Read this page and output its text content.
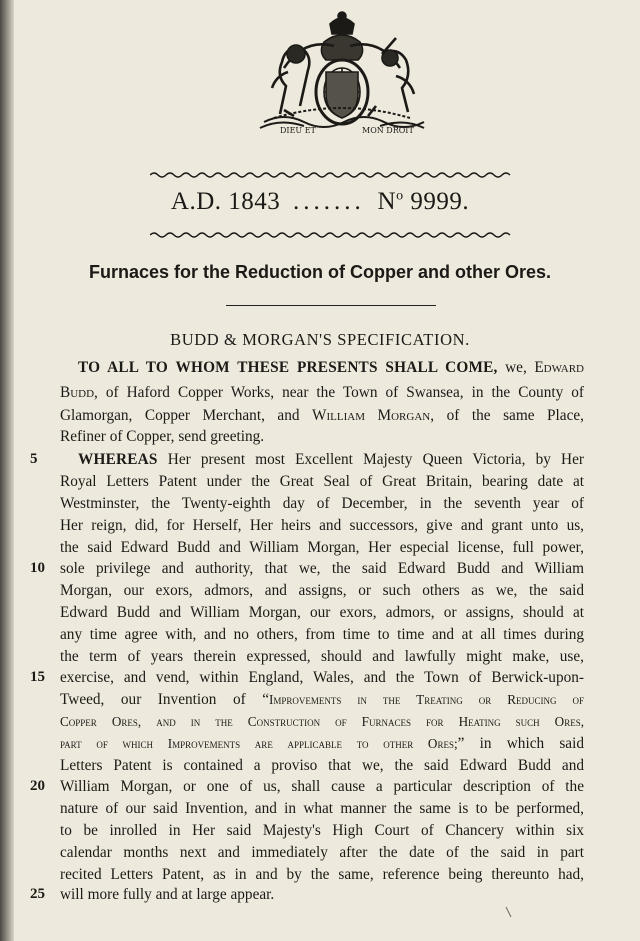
DIEU ET	MON DROIT
A.D. 1843 ....... $N^o$ 9999.
Furnaces for the Reduction of Copper and other Ores.
BUDD & MORGAN'S SPECIFICATION.
TO ALL TO WHOM THESE PRESENTS SHALL COME, we, Edward
Budd, of Haford Copper Works, near the Town of Swansea, in the County of
Glamorgan, Copper Merchant, and William Morgan, of the same Place,
Refiner of Copper, send greeting.
5	WHEREAS Her present most Excellent Majesty Queen Victoria, by Her
Royal Letters Patent under the Great Seal of Great Britain, bearing date at
Westminster, the Twenty-eighth day of December, in the seventh year of
Her reign, did, for Herself, Her heirs and successors, give and grant unto us,
the said Edward Budd and William Morgan, Her especial license, full power,
10 sole privilege and authority, that we, the said Edward Budd and William
Morgan, our exors, admors, and assigns, or such others as we, the said
Edward Budd and William Morgan, our exors, admors, or assigns, should at
any time agree with, and no others, from time to time and at all times during
the term of years therein expressed, should and lawfully might make, use,
15 exercise, and vend, within England, Wales, and the Town of Berwick-upon-
Tweed, our Invention of “Improvements in the Treating or Reducing of
Copper Ores, and in the Construction of Furnaces for Heating such Ores,
part of which Improvements are applicable to other Ores;” in which said
Letters Patent is contained a proviso that we, the said Edward Budd and
20 William Morgan, or one of us, shall cause a particular description of the
nature of our said Invention, and in what manner the same is to be performed,
to be inrolled in Her said Majesty's High Court of Chancery within six
calendar months next and immediately after the date of the said in part
recited Letters Patent, as in and by the same, reference being thereunto had,
25 will more fully and at large appear.
